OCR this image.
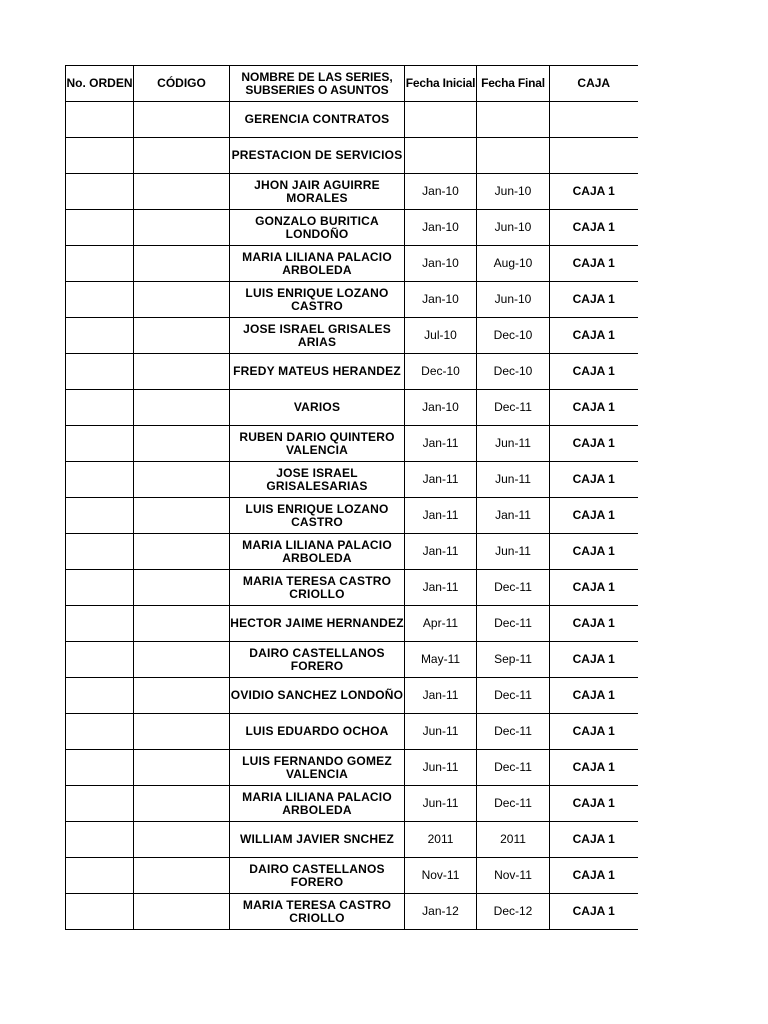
No. ORDEN	CÓDIGO	NOMBRE DE LAS SERIES, SUBSERIES O ASUNTOS	Fecha Inicial	Fecha Final	CAJA
		GERENCIA CONTRATOS			
		PRESTACION DE SERVICIOS			
		JHON JAIR AGUIRRE MORALES	Jan-10	Jun-10	CAJA 1
		GONZALO BURITICA LONDOÑO	Jan-10	Jun-10	CAJA 1
		MARIA LILIANA PALACIO ARBOLEDA	Jan-10	Aug-10	CAJA 1
		LUIS ENRIQUE LOZANO CASTRO	Jan-10	Jun-10	CAJA 1
		JOSE ISRAEL GRISALES ARIAS	Jul-10	Dec-10	CAJA 1
		FREDY MATEUS HERANDEZ	Dec-10	Dec-10	CAJA 1
		VARIOS	Jan-10	Dec-11	CAJA 1
		RUBEN DARIO QUINTERO VALENCIA	Jan-11	Jun-11	CAJA 1
		JOSE ISRAEL GRISALESARIAS	Jan-11	Jun-11	CAJA 1
		LUIS ENRIQUE LOZANO CASTRO	Jan-11	Jan-11	CAJA 1
		MARIA LILIANA PALACIO ARBOLEDA	Jan-11	Jun-11	CAJA 1
		MARIA TERESA CASTRO CRIOLLO	Jan-11	Dec-11	CAJA 1
		HECTOR JAIME HERNANDEZ	Apr-11	Dec-11	CAJA 1
		DAIRO CASTELLANOS FORERO	May-11	Sep-11	CAJA 1
		OVIDIO SANCHEZ LONDOÑO	Jan-11	Dec-11	CAJA 1
		LUIS EDUARDO OCHOA	Jun-11	Dec-11	CAJA 1
		LUIS FERNANDO GOMEZ VALENCIA	Jun-11	Dec-11	CAJA 1
		MARIA LILIANA PALACIO ARBOLEDA	Jun-11	Dec-11	CAJA 1
		WILLIAM JAVIER SNCHEZ	2011	2011	CAJA 1
		DAIRO CASTELLANOS FORERO	Nov-11	Nov-11	CAJA 1
		MARIA TERESA CASTRO CRIOLLO	Jan-12	Dec-12	CAJA 1
